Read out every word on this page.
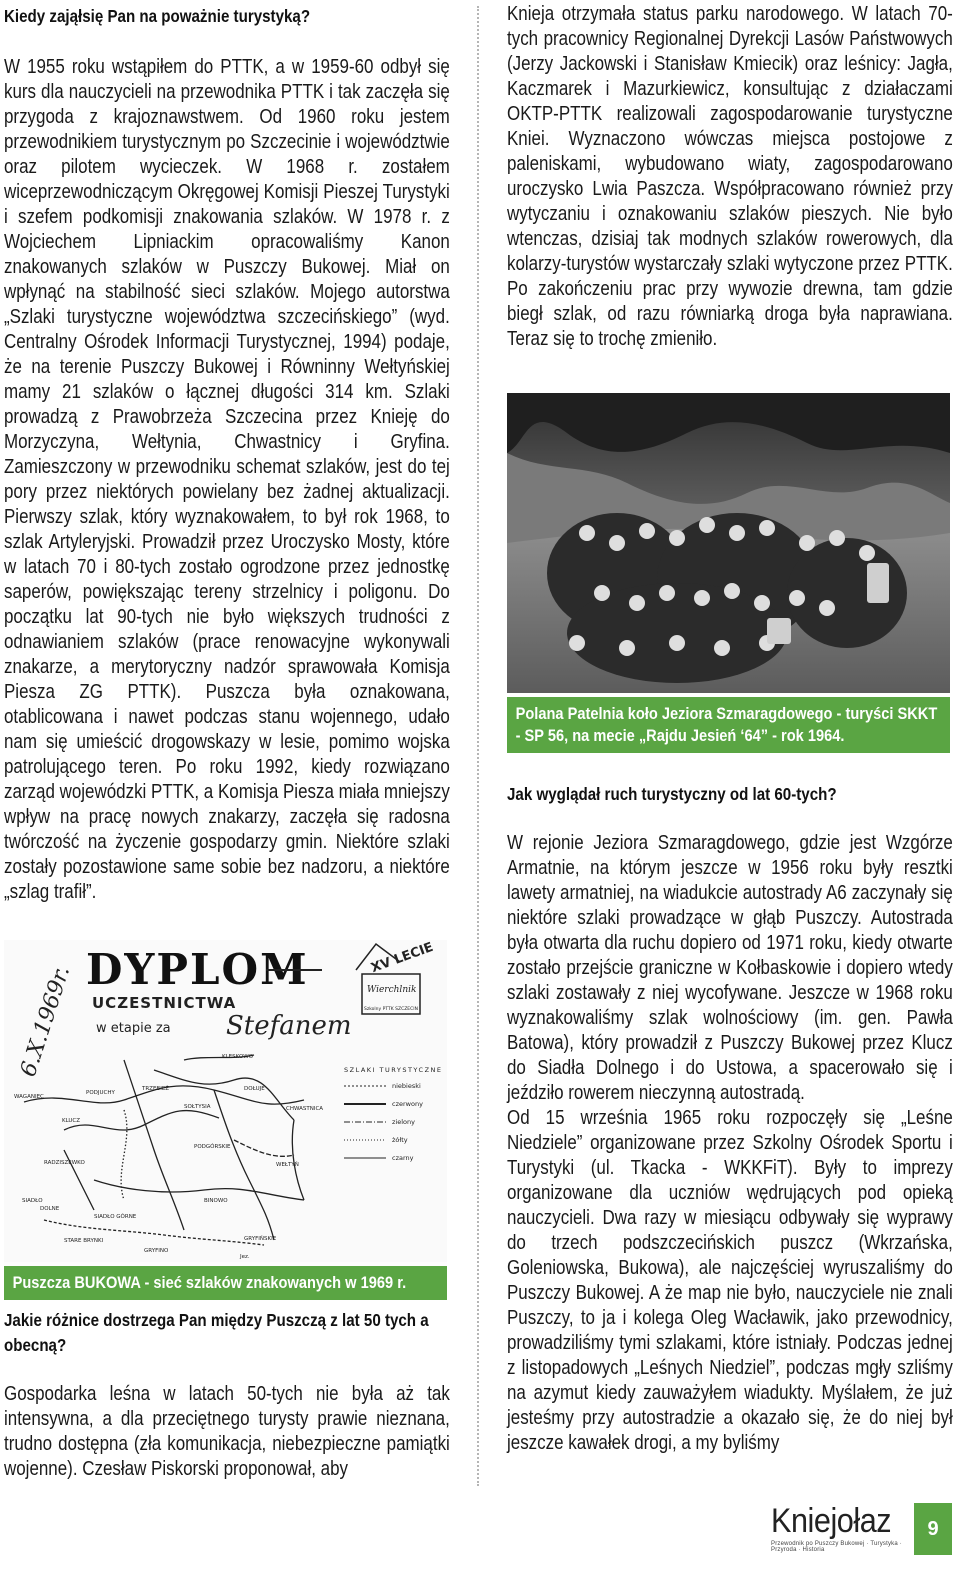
Kiedy zająłsię Pan na poważnie turystyką?

W 1955 roku wstąpiłem do PTTK, a w 1959-60 odbył się kurs dla nauczycieli na przewodnika PTTK i tak zaczęła się przygoda z krajoznawstwem. Od 1960 roku jestem przewodnikiem turystycznym po Szczecinie i województwie oraz pilotem wycieczek. W 1968 r. zostałem wiceprzewodniczącym Okręgowej Komisji Pieszej Turystyki i szefem podkomisji znakowania szlaków. W 1978 r. z Wojciechem Lipniackim opracowaliśmy Kanon znakowanych szlaków w Puszczy Bukowej. Miał on wpłynąć na stabilność sieci szlaków. Mojego autorstwa „Szlaki turystyczne województwa szczecińskiego” (wyd. Centralny Ośrodek Informacji Turystycznej, 1994) podaje, że na terenie Puszczy Bukowej i Równinny Wełtyńskiej mamy 21 szlaków o łącznej długości 314 km. Szlaki prowadzą z Prawobrzeża Szczecina przez Knieję do Morzyczyna, Wełtynia, Chwastnicy i Gryfina. Zamieszczony w przewodniku schemat szlaków, jest do tej pory przez niektórych powielany bez żadnej aktualizacji. Pierwszy szlak, który wyznakowałem, to był rok 1968, to szlak Artyleryjski. Prowadził przez Uroczysko Mosty, które w latach 70 i 80-tych zostało ogrodzone przez jednostkę saperów, powiększając tereny strzelnicy i poligonu. Do początku lat 90-tych nie było większych trudności z odnawianiem szlaków (prace renowacyjne wykonywali znakarze, a merytoryczny nadzór sprawowała Komisja Piesza ZG PTTK). Puszcza była oznakowana, otablicowana i nawet podczas stanu wojennego, udało nam się umieścić drogowskazy w lesie, pomimo wojska patrolującego teren. Po roku 1992, kiedy rozwiązano zarząd wojewódzki PTTK, a Komisja Piesza miała mniejszy wpływ na pracę nowych znakarzy, zaczęła się radosna twórczość na życzenie gospodarzy gmin. Niektóre szlaki zostały pozostawione same sobie bez nadzoru, a niektóre „szlag trafił”.

6.X.1969r. DYPLOM
UCZESTNICTWA
w etapie za Stefanem
XV LECIE
Wierchlnik
Szkolny PTTK SZCZECIN
SZLAKI TURYSTYCZNE
niebieski
czerwony
zielony
żółty
czarny
WAGANIEC
PODJUCHY
KLUCZ
RADZISZEWKO
SIADŁO
DOLNE
SIADŁO GÓRNE
STARE BRYNKI
GRYFINO
TRZEBIEŻ
KLESKOWO
SOŁTYSIA
BINOWO
GRYFIŃSKIE
CHWASTNICA
WEŁTYŃ
DOŁUJE
PODGÓRSKIE
Jez.

Puszcza BUKOWA - sieć szlaków znakowanych w 1969 r.

Jakie różnice dostrzega Pan między Puszczą z lat 50 tych a obecną?

Gospodarka leśna w latach 50-tych nie była aż tak intensywna, a dla przeciętnego turysty prawie nieznana, trudno dostępna (zła komunikacja, niebezpieczne pamiątki wojenne). Czesław Piskorski proponował, aby

Knieja otrzymała status parku narodowego. W latach 70-tych pracownicy Regionalnej Dyrekcji Lasów Państwowych (Jerzy Jackowski i Stanisław Kmiecik) oraz leśnicy: Jagła, Kaczmarek i Mazurkiewicz, konsultując z działaczami OKTP-PTTK realizowali zagospodarowanie turystyczne Kniei. Wyznaczono wówczas miejsca postojowe z paleniskami, wybudowano wiaty, zagospodarowano uroczysko Lwia Paszcza. Współpracowano również przy wytyczaniu i oznakowaniu szlaków pieszych. Nie było wtenczas, dzisiaj tak modnych szlaków rowerowych, dla kolarzy-turystów wystarczały szlaki wytyczone przez PTTK. Po zakończeniu prac przy wywozie drewna, tam gdzie biegł szlak, od razu równiarką droga była naprawiana. Teraz się to trochę zmieniło.

Polana Patelnia koło Jeziora Szmaragdowego - turyści SKKT - SP 56, na mecie „Rajdu Jesień ‘64” - rok 1964.

Jak wyglądał ruch turystyczny od lat 60-tych?

W rejonie Jeziora Szmaragdowego, gdzie jest Wzgórze Armatnie, na którym jeszcze w 1956 roku były resztki lawety armatniej, na wiadukcie autostrady A6 zaczynały się niektóre szlaki prowadzące w głąb Puszczy. Autostrada była otwarta dla ruchu dopiero od 1971 roku, kiedy otwarte zostało przejście graniczne w Kołbaskowie i dopiero wtedy szlaki zostawały z niej wycofywane. Jeszcze w 1968 roku wyznakowaliśmy szlak wolnościowy (im. gen. Pawła Batowa), który prowadził z Puszczy Bukowej przez Klucz do Siadła Dolnego i do Ustowa, a spacerowało się i jeździło rowerem nieczynną autostradą.

Od 15 września 1965 roku rozpoczęły się „Leśne Niedziele” organizowane przez Szkolny Ośrodek Sportu i Turystyki (ul. Tkacka - WKKFiT). Były to imprezy organizowane dla uczniów wędrujących pod opieką nauczycieli. Dwa razy w miesiącu odbywały się wyprawy do trzech podszczecińskich puszcz (Wkrzańska, Goleniowska, Bukowa), ale najczęściej wyruszaliśmy do Puszczy Bukowej. A że map nie było, nauczyciele nie znali Puszczy, to ja i kolega Oleg Wacławik, jako przewodnicy, prowadziliśmy tymi szlakami, które istniały. Podczas jednej z listopadowych „Leśnych Niedziel”, podczas mgły szliśmy na azymut kiedy zauważyłem wiadukty. Myślałem, że już jesteśmy przy autostradzie a okazało się, że do niej był jeszcze kawałek drogi, a my byliśmy

Kniejołaz
Przewodnik po Puszczy Bukowej · Turystyka · Przyroda · Historia
9
